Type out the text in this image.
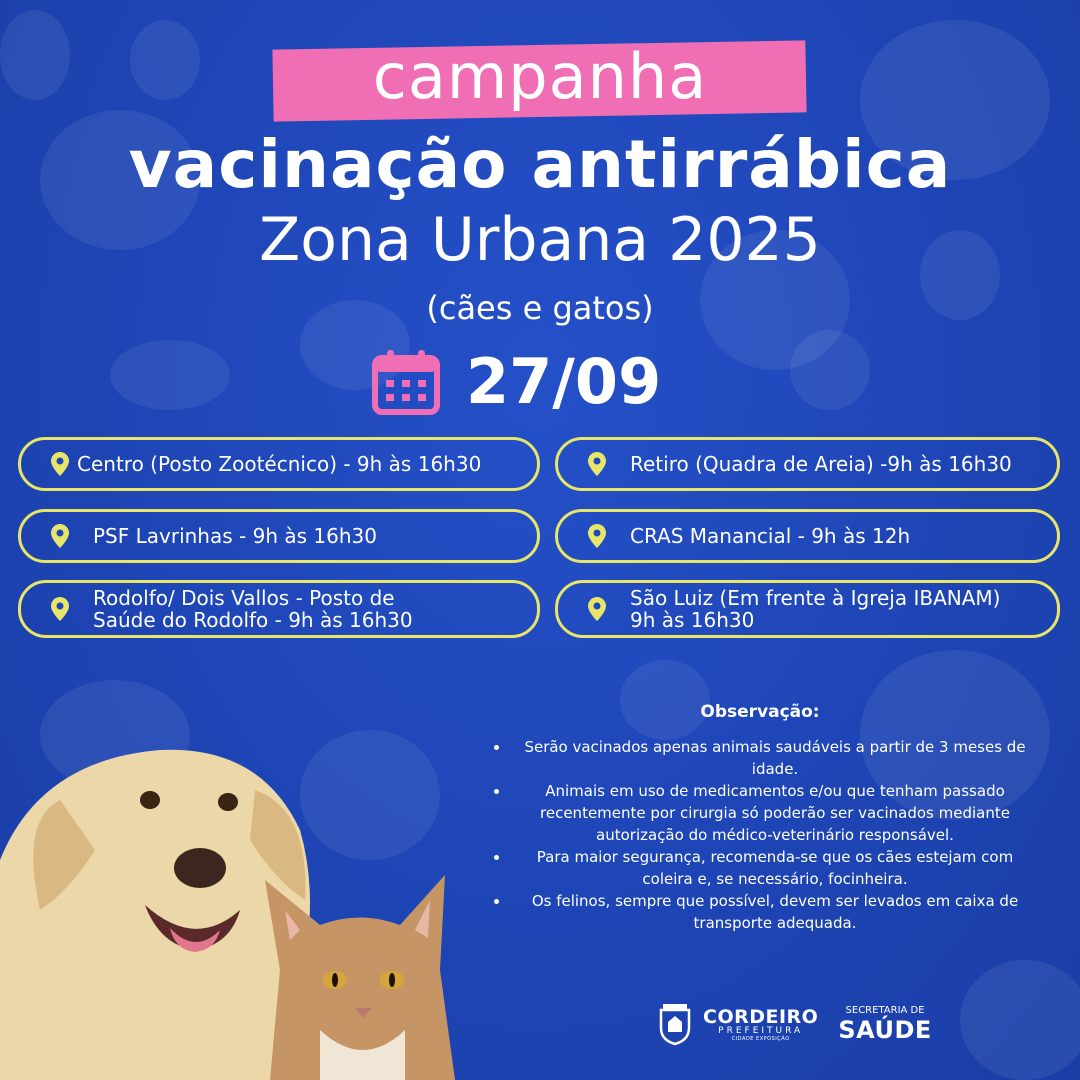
campanha
vacinação antirrábica
Zona Urbana 2025
(cães e gatos)
27/09
Centro (Posto Zootécnico) - 9h às 16h30	Retiro (Quadra de Areia) -9h às 16h30
PSF Lavrinhas - 9h às 16h30	CRAS Manancial - 9h às 12h
Rodolfo/ Dois Vallos - Posto de
Saúde do Rodolfo - 9h às 16h30
São Luiz (Em frente à Igreja IBANAM)
9h às 16h30
Observação:
• Serão vacinados apenas animais saudáveis a partir de 3 meses de idade.
• Animais em uso de medicamentos e/ou que tenham passado recentemente por cirurgia só poderão ser vacinados mediante autorização do médico-veterinário responsável.
• Para maior segurança, recomenda-se que os cães estejam com coleira e, se necessário, focinheira.
• Os felinos, sempre que possível, devem ser levados em caixa de transporte adequada.
CORDEIRO
PREFEITURA
CIDADE EXPOSIÇÃO
SECRETARIA DE
SAÚDE
